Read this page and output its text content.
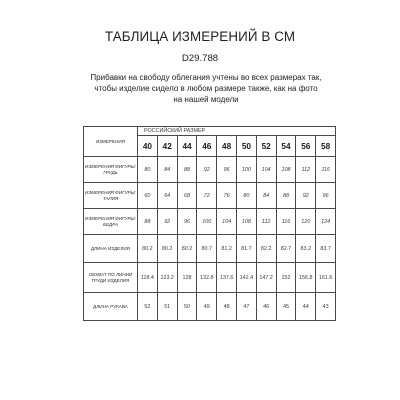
ТАБЛИЦА ИЗМЕРЕНИЙ В СМ
D29.788
Прибавки на свободу облегания учтены во всех размерах так, чтобы изделие сидело в любом размере также, как на фото на нашей модели
ИЗМЕРЕНИЯ	РОССИЙСКИЙ РАЗМЕР									
	40	42	44	46	48	50	52	54	56	58
ИЗМЕРЕНИЯ ФИГУРЫ: ГРУДЬ	80	84	88	92	96	100	104	108	112	116
ИЗМЕРЕНИЯ ФИГУРЫ: ТАЛИЯ	60	64	68	72	76	80	84	88	92	96
ИЗМЕРЕНИЯ ФИГУРЫ: БЕДРА	88	92	96	100	104	108	112	116	120	124
ДЛИНА ИЗДЕЛИЯ	80.2	80.2	80.2	80.7	81.2	81.7	82.2	82.7	83.2	83.7
ОБХВАТ ПО ЛИНИИ ГРУДИ ИЗДЕЛИЯ	118.4	123.2	128	132.8	137.6	142.4	147.2	152	156.8	161.6
ДЛИНА РУКАВА	52	51	50	49	48	47	46	45	44	43
